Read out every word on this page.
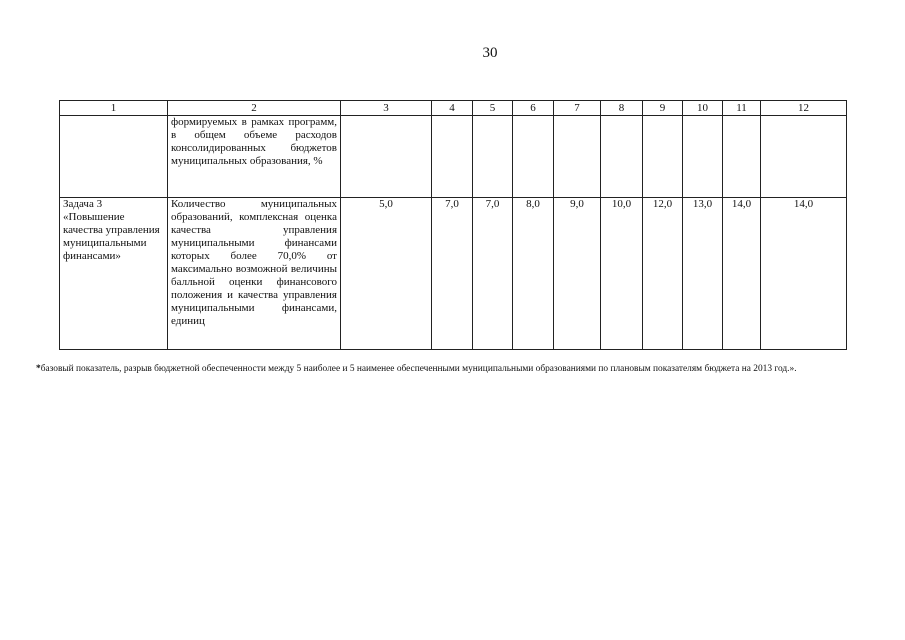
30
1	2	3	4	5	6	7	8	9	10	11	12
	формируемых в рамках программ, в общем объеме расходов консолидированных бюджетов муниципальных образования, %										
Задача 3 «Повышение качества управления муниципальными финансами»	Количество муниципальных образований, комплексная оценка качества управления муниципальными финансами которых более 70,0% от максимально возможной величины балльной оценки финансового положения и качества управления муниципальными финансами, единиц	5,0	7,0	7,0	8,0	9,0	10,0	12,0	13,0	14,0	14,0
*базовый показатель, разрыв бюджетной обеспеченности между 5 наиболее и 5 наименее обеспеченными муниципальными образованиями по плановым показателям бюджета на 2013 год.».
